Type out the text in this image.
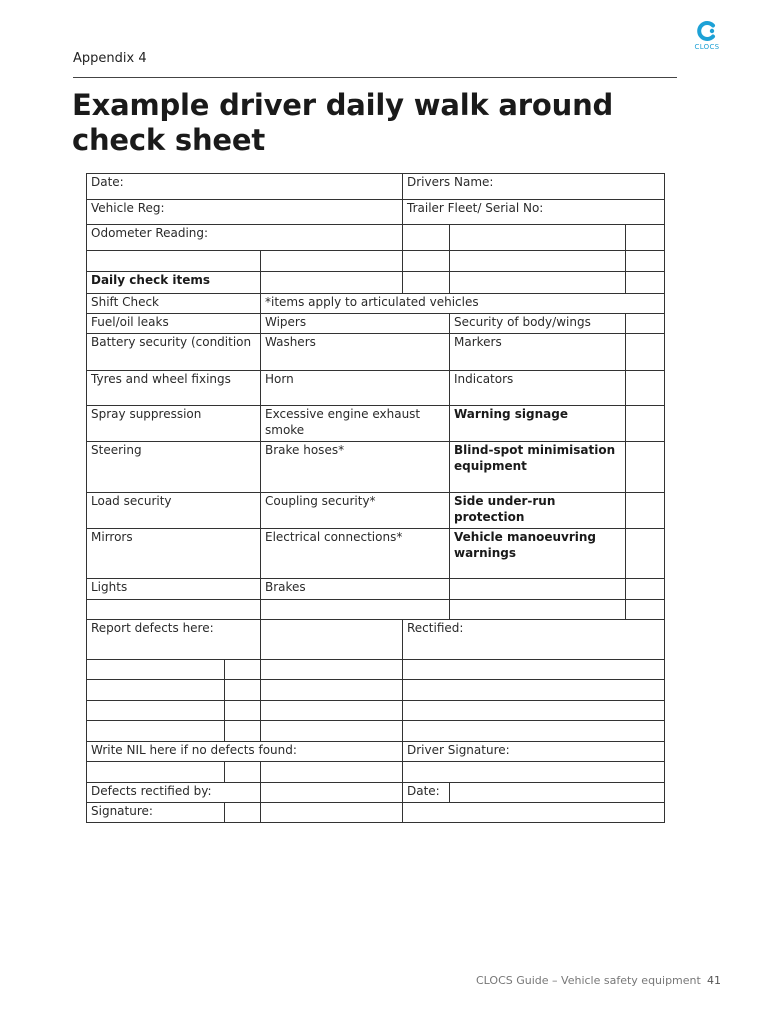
CLOCS
Appendix 4
Example driver daily walk around check sheet
Date:			Drivers Name:		
Vehicle Reg:			Trailer Fleet/ Serial No:		
Odometer Reading:					

Daily check items					
Shift Check		*items apply to articulated vehicles			
Fuel/oil leaks		Wipers		Security of body/wings	
Battery security (condition		Washers		Markers	
Tyres and wheel fixings		Horn		Indicators	
Spray suppression		Excessive engine exhaust smoke		Warning signage	
Steering		Brake hoses*		Blind-spot minimisation equipment	
Load security		Coupling security*		Side under-run protection	
Mirrors		Electrical connections*		Vehicle manoeuvring warnings	
Lights		Brakes			

Report defects here:			Rectified:		

Write NIL here if no defects found:			Driver Signature:		

Defects rectified by:			Date:		
Signature:					
CLOCS Guide – Vehicle safety equipment 41
